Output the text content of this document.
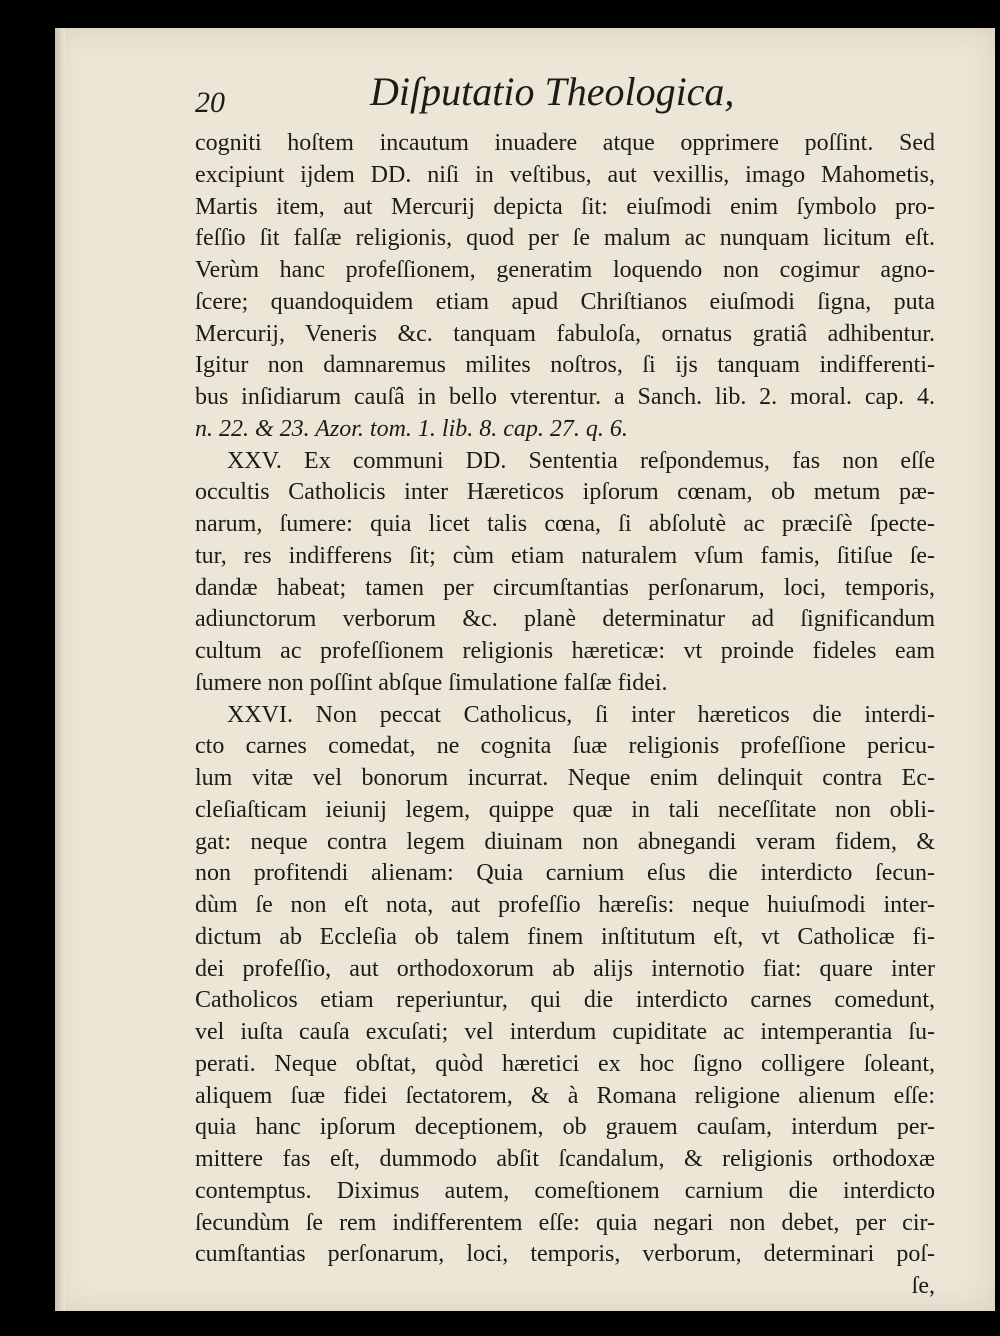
20	Diſputatio Theologica,
cogniti hoſtem incautum inuadere atque opprimere poſſint. Sed
excipiunt ijdem DD. niſi in veſtibus, aut vexillis, imago Mahometis,
Martis item, aut Mercurij depicta ſit: eiuſmodi enim ſymbolo pro-
feſſio ſit falſæ religionis, quod per ſe malum ac nunquam licitum eſt.
Verùm hanc profeſſionem, generatim loquendo non cogimur agno-
ſcere; quandoquidem etiam apud Chriſtianos eiuſmodi ſigna, puta
Mercurij, Veneris &c. tanquam fabuloſa, ornatus gratiâ adhibentur.
Igitur non damnaremus milites noſtros, ſi ijs tanquam indifferenti-
bus inſidiarum cauſâ in bello vterentur. a Sanch. lib. 2. moral. cap. 4.
n. 22. & 23. Azor. tom. 1. lib. 8. cap. 27. q. 6.
XXV. Ex communi DD. Sententia reſpondemus, fas non eſſe
occultis Catholicis inter Hæreticos ipſorum cœnam, ob metum pæ-
narum, ſumere: quia licet talis cœna, ſi abſolutè ac præciſè ſpecte-
tur, res indifferens ſit; cùm etiam naturalem vſum famis, ſitiſue ſe-
dandæ habeat; tamen per circumſtantias perſonarum, loci, temporis,
adiunctorum verborum &c. planè determinatur ad ſignificandum
cultum ac profeſſionem religionis hæreticæ: vt proinde fideles eam
ſumere non poſſint abſque ſimulatione falſæ fidei.
XXVI. Non peccat Catholicus, ſi inter hæreticos die interdi-
cto carnes comedat, ne cognita ſuæ religionis profeſſione pericu-
lum vitæ vel bonorum incurrat. Neque enim delinquit contra Ec-
cleſiaſticam ieiunij legem, quippe quæ in tali neceſſitate non obli-
gat: neque contra legem diuinam non abnegandi veram fidem, &
non profitendi alienam: Quia carnium eſus die interdicto ſecun-
dùm ſe non eſt nota, aut profeſſio hæreſis: neque huiuſmodi inter-
dictum ab Eccleſia ob talem finem inſtitutum eſt, vt Catholicæ fi-
dei profeſſio, aut orthodoxorum ab alijs internotio fiat: quare inter
Catholicos etiam reperiuntur, qui die interdicto carnes comedunt,
vel iuſta cauſa excuſati; vel interdum cupiditate ac intemperantia ſu-
perati. Neque obſtat, quòd hæretici ex hoc ſigno colligere ſoleant,
aliquem ſuæ fidei ſectatorem, & à Romana religione alienum eſſe:
quia hanc ipſorum deceptionem, ob grauem cauſam, interdum per-
mittere fas eſt, dummodo abſit ſcandalum, & religionis orthodoxæ
contemptus. Diximus autem, comeſtionem carnium die interdicto
ſecundùm ſe rem indifferentem eſſe: quia negari non debet, per cir-
cumſtantias perſonarum, loci, temporis, verborum, determinari poſ-
ſe,
